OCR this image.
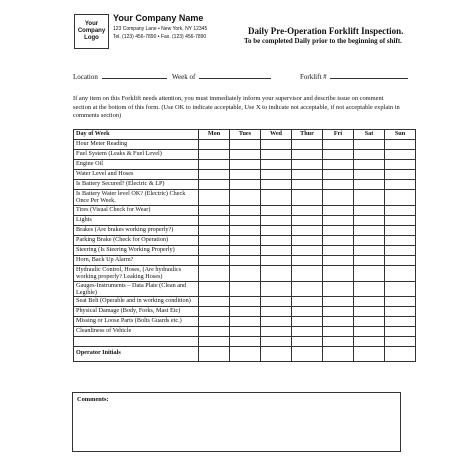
Your
Company
Logo
Your Company Name
123 Company Lane • New York, NY 12345
Tel. (123) 456-7890 • Fax. (123) 456-7890
Daily Pre-Operation Forklift Inspection.
To be completed Daily prior to the beginning of shift.
Location	Week of	Forklift #
If any item on this Forklift needs attention, you must immediately inform your supervisor and describe issue on comment section at the bottom of this form. (Use OK to indicate acceptable, Use X to indicate not acceptable, if not acceptable explain in comments section)
Day of Week	Mon	Tues	Wed	Thur	Fri	Sat	Sun
Hour Meter Reading							
Fuel System (Leaks & Fuel Level)							
Engine Oil							
Water Level and Hoses							
Is Battery Secured? (Electric & LP)							
Is Battery Water level OK? (Electric) Check Once Per Week.							
Tires (Visual Check for Wear)							
Lights							
Brakes (Are brakes working properly?)							
Parking Brake (Check for Operation)							
Steering (Is Steering Working Properly)							
Horn, Back Up Alarm?							
Hydraulic Control, Hoses, (Are hydraulics working properly? Leaking Hoses)							
Gauges-Instruments – Data Plate (Clean and Legible)							
Seat Belt (Operable and in working condition)							
Physical Damage (Body, Forks, Mast Etc)							
Missing or Loose Parts (Bolts Guards etc.)							
Cleanliness of Vehicle							

Operator Initials							
Comments:
